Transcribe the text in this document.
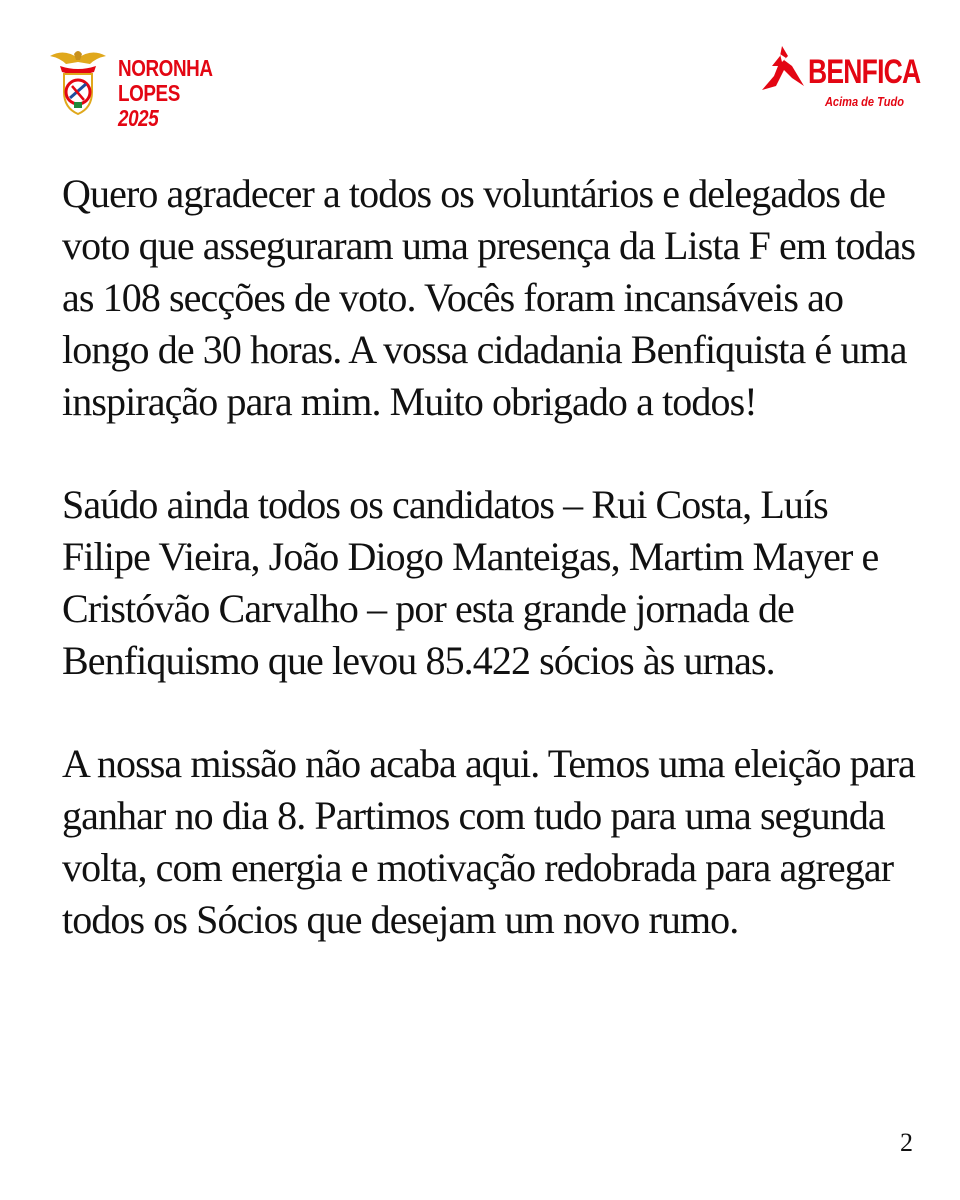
NORONHA
LOPES 2025
BENFICA
Acima de Tudo

Quero agradecer a todos os voluntários e delegados de voto que asseguraram uma presença da Lista F em todas as 108 secções de voto. Vocês foram incansáveis ao longo de 30 horas. A vossa cidadania Benfiquista é uma inspiração para mim. Muito obrigado a todos!

Saúdo ainda todos os candidatos – Rui Costa, Luís Filipe Vieira, João Diogo Manteigas, Martim Mayer e Cristóvão Carvalho – por esta grande jornada de Benfiquismo que levou 85.422 sócios às urnas.

A nossa missão não acaba aqui. Temos uma eleição para ganhar no dia 8. Partimos com tudo para uma segunda volta, com energia e motivação redobrada para agregar todos os Sócios que desejam um novo rumo.

2
